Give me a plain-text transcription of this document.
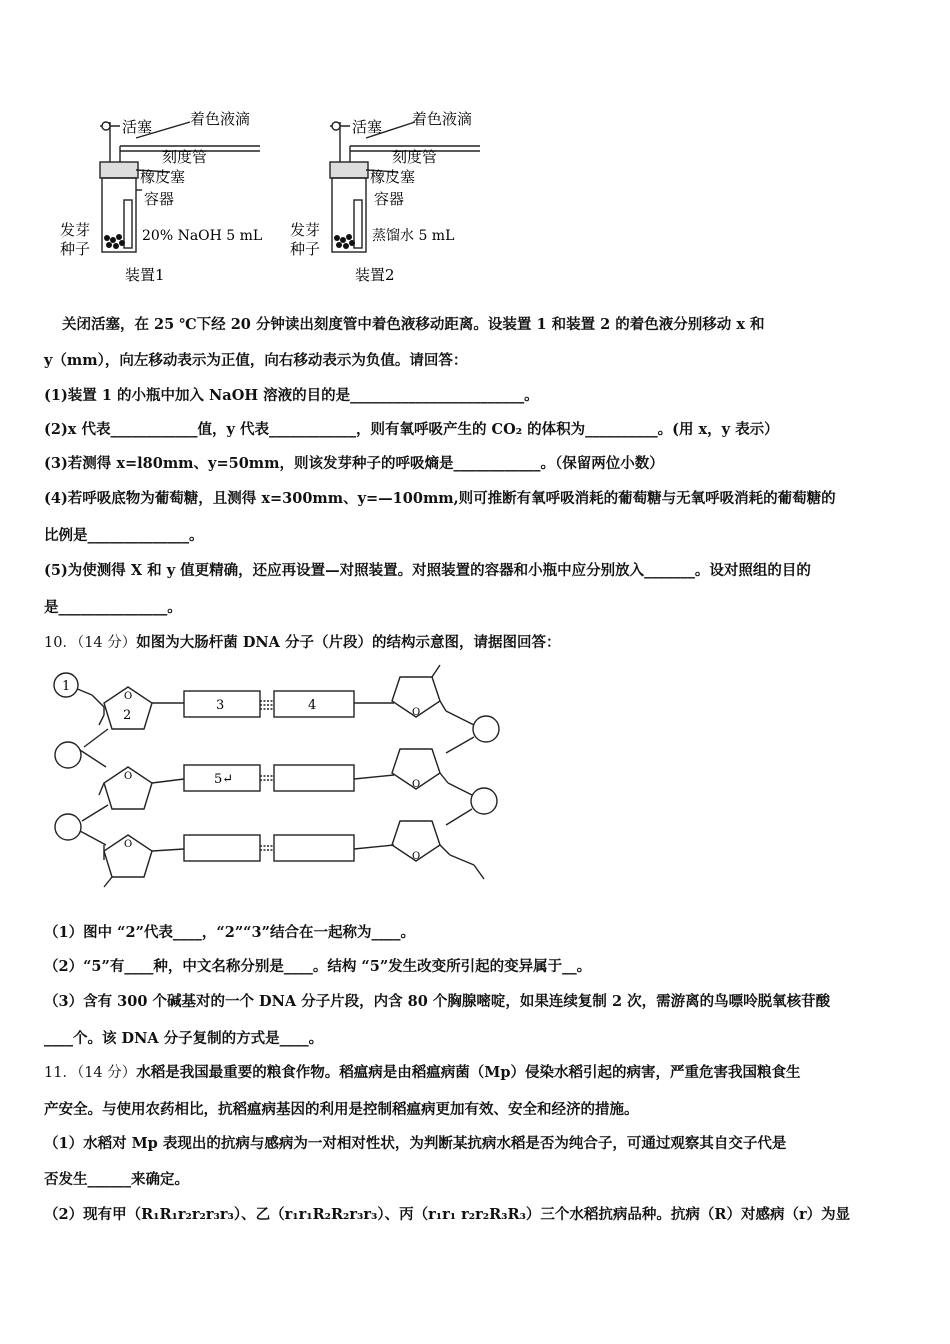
活塞	着色液滴
刻度管
橡皮塞
容器
发芽
种子
20% NaOH 5 mL
装置1
活塞 着色液滴
刻度管
橡皮塞
容器
发芽
种子
蒸馏水 5 mL
装置2
关闭活塞，在 25 ℃下经 20 分钟读出刻度管中着色液移动距离。设装置 1 和装置 2 的着色液分别移动 x 和
y（mm），向左移动表示为正值，向右移动表示为负值。请回答：
(1)装置 1 的小瓶中加入 NaOH 溶液的目的是________________________。
(2)x 代表____________值，y 代表____________，则有氧呼吸产生的 CO₂ 的体积为__________。(用 x，y 表示）
(3)若测得 x=l80mm、y=50mm，则该发芽种子的呼吸熵是____________。（保留两位小数）
(4)若呼吸底物为葡萄糖，且测得 x=300mm、y=—100mm,则可推断有氧呼吸消耗的葡萄糖与无氧呼吸消耗的葡萄糖的
比例是______________。
(5)为使测得 X 和 y 值更精确，还应再设置—对照装置。对照装置的容器和小瓶中应分别放入_______。设对照组的目的
是_______________。
10．（14 分）如图为大肠杆菌 DNA 分子（片段）的结构示意图，请据图回答：
1
2
3	4
5↵
O
O
O
O
O
O
（1）图中 “2”代表____，“2”“3”结合在一起称为____。
（2）“5”有____种，中文名称分别是____。结构 “5”发生改变所引起的变异属于__。
（3）含有 300 个碱基对的一个 DNA 分子片段，内含 80 个胸腺嘧啶，如果连续复制 2 次，需游离的鸟嘌呤脱氧核苷酸
____个。该 DNA 分子复制的方式是____。
11．（14 分）水稻是我国最重要的粮食作物。稻瘟病是由稻瘟病菌（Mp）侵染水稻引起的病害，严重危害我国粮食生
产安全。与使用农药相比，抗稻瘟病基因的利用是控制稻瘟病更加有效、安全和经济的措施。
（1）水稻对 Mp 表现出的抗病与感病为一对相对性状，为判断某抗病水稻是否为纯合子，可通过观察其自交子代是
否发生______来确定。
（2）现有甲（R₁R₁r₂r₂r₃r₃）、乙（r₁r₁R₂R₂r₃r₃）、丙（r₁r₁ r₂r₂R₃R₃）三个水稻抗病品种。抗病（R）对感病（r）为显
